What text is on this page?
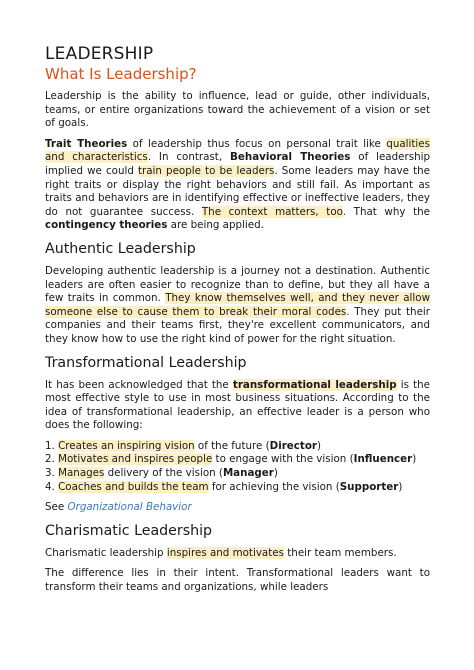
LEADERSHIP
What Is Leadership?

Leadership is the ability to influence, lead or guide, other individuals, teams, or entire organizations toward the achievement of a vision or set of goals.

Trait Theories of leadership thus focus on personal trait like qualities and characteristics. In contrast, Behavioral Theories of leadership implied we could train people to be leaders. Some leaders may have the right traits or display the right behaviors and still fail. As important as traits and behaviors are in identifying effective or ineffective leaders, they do not guarantee success. The context matters, too. That why the contingency theories are being applied.

Authentic Leadership

Developing authentic leadership is a journey not a destination. Authentic leaders are often easier to recognize than to define, but they all have a few traits in common. They know themselves well, and they never allow someone else to cause them to break their moral codes. They put their companies and their teams first, they're excellent communicators, and they know how to use the right kind of power for the right situation.

Transformational Leadership

It has been acknowledged that the transformational leadership is the most effective style to use in most business situations. According to the idea of transformational leadership, an effective leader is a person who does the following:

1. Creates an inspiring vision of the future (Director)
2. Motivates and inspires people to engage with the vision (Influencer)
3. Manages delivery of the vision (Manager)
4. Coaches and builds the team for achieving the vision (Supporter)

See Organizational Behavior

Charismatic Leadership

Charismatic leadership inspires and motivates their team members.

The difference lies in their intent. Transformational leaders want to transform their teams and organizations, while leaders
